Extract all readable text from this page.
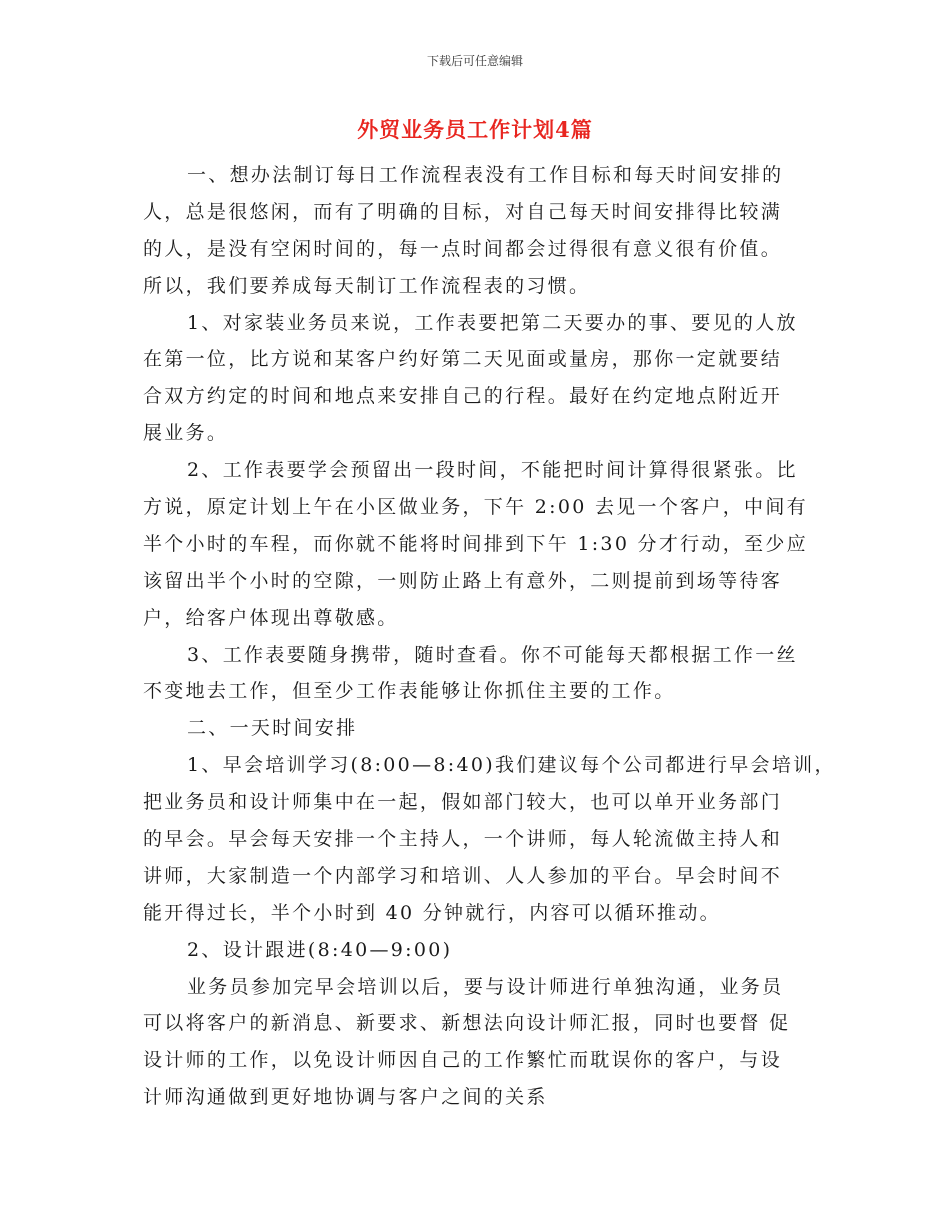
下载后可任意编辑
外贸业务员工作计划4篇
一、想办法制订每日工作流程表没有工作目标和每天时间安排的
人，总是很悠闲，而有了明确的目标，对自己每天时间安排得比较满
的人，是没有空闲时间的，每一点时间都会过得很有意义很有价值。
所以，我们要养成每天制订工作流程表的习惯。
1、对家装业务员来说，工作表要把第二天要办的事、要见的人放
在第一位，比方说和某客户约好第二天见面或量房，那你一定就要结
合双方约定的时间和地点来安排自己的行程。最好在约定地点附近开
展业务。
2、工作表要学会预留出一段时间，不能把时间计算得很紧张。比
方说，原定计划上午在小区做业务，下午 2:00 去见一个客户，中间有
半个小时的车程，而你就不能将时间排到下午 1:30 分才行动，至少应
该留出半个小时的空隙，一则防止路上有意外，二则提前到场等待客
户，给客户体现出尊敬感。
3、工作表要随身携带，随时查看。你不可能每天都根据工作一丝
不变地去工作，但至少工作表能够让你抓住主要的工作。
二、一天时间安排
1、早会培训学习(8:00—8:40)我们建议每个公司都进行早会培训，
把业务员和设计师集中在一起，假如部门较大，也可以单开业务部门
的早会。早会每天安排一个主持人，一个讲师，每人轮流做主持人和
讲师，大家制造一个内部学习和培训、人人参加的平台。早会时间不
能开得过长，半个小时到 40 分钟就行，内容可以循环推动。
2、设计跟进(8:40—9:00)
业务员参加完早会培训以后，要与设计师进行单独沟通，业务员
可以将客户的新消息、新要求、新想法向设计师汇报，同时也要督 促
设计师的工作，以免设计师因自己的工作繁忙而耽误你的客户，与设
计师沟通做到更好地协调与客户之间的关系
